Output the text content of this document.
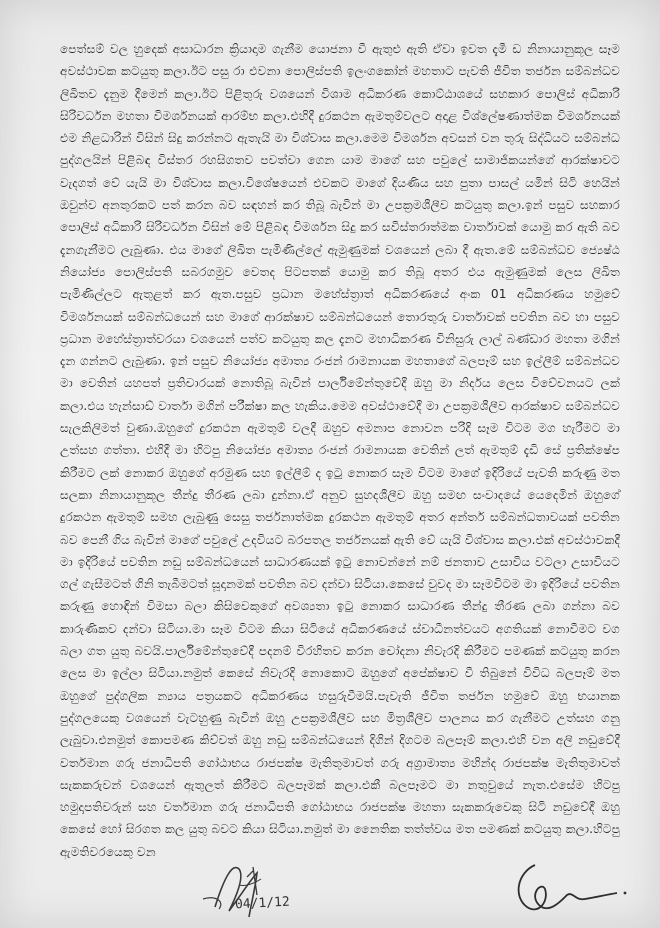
පෙත්සම් වල හුදෙක් අසාධාරන ක්‍රියාදාම ගැනීම යොජනා වී ඇතුළු ඇති ඒවා ඉවත දැමී ඩ නිනායානුකූල සෑම අවස්ථාවක කටයුතු කලා.ඊට පසු රා එවනා පොලිස්පති ඉලංගකෝන් මහතාට පැවති ජීවිත තර්ජන සම්බන්ධව ලිඛිතව දැනුම දීමෙන් කලා.ඊට පිළිතුරු වශයෙන් විශාම අධිකරණ කොට්ඨාශයේ සහකාර පොලිස් අධිකාරි සිරිවර්ධන මහතා විමර්ශනයක් ආරම්භ කලා.එහිදී දුරකථන ඇමතුම්වලට අදාළ විශ්ලේෂණාත්මක විමර්ශනයක් එම නිළධාරින් විසින් සිදු කරන්නට ඇතැයි මා විශ්වාස කලා.මෙම විමර්ශන අවසන් වන තුරු සිද්ධියට සම්බන්ධ පුද්ගලයින් පිළිබඳ විස්තර රහසිගතව පවත්වා ගෙන යාම මාගේ සහ පවුලේ සාමාජිකයන්ගේ ආරක්ෂාවට වැදගත් වේ යැයි මා විශ්වාස කලා.විශේෂයෙන් එවකට මාගේ දියණිය සහ පුතා පාසල් යමින් සිටි හෙයින් ඔවුන්ව අනතුරකට පත් කරන බව සඳහන් කර තිබූ බැවින් මා උපක්‍රමශීලීව කටයුතු කලා.ඉන් පසුව සහකාර පොලිස් අධිකාරි සිරිවර්ධන විසින් මේ පිළිබඳ විමර්ශන සිදු කර සවිස්තරාත්මක වාර්තාවක් යොමු කර ඇති බව දැනගැනීමට ලැබුණා. එය මාගේ ලිඛිත පැමිණිල්ලේ ඇමුණුමක් වශයෙන් ලබා දී ඇත.මේ සම්බන්ධව ජ්‍යෙෂ්ඨ නියෝජ්‍ය පොලිස්පති සබරගමුව වෙතද පිටපතක් යොමු කර තිබූ අතර එය ඇමුණුමක් ලෙස ලිඛිත පැමිණිල්ලට ඇතුළත් කර ඇත.පසුව ප්‍රධාන මහේස්ත්‍රාත් අධිකරණයේ අංක 01 අධිකරණය හමුවේ විමර්ශනයක් සම්බන්ධයෙන් සහ මාගේ ආරක්ෂාව සම්බන්ධයෙන් තොරතුරු වාර්තාවක් පවතින බව හා පසුව ප්‍රධාන මහේස්ත්‍රාත්වරයා වශයෙන් පත්ව කටයුතු කල දැනට මහාධිකරණ විනිසුරු ලාල් බණ්ඩාර මහතා මගින් දැන ගන්නට ලැබුණා. ඉන් පසුව නියෝජ්‍ය අමාත්‍ය රංජන් රාමනායක මහතාගේ බලපෑම් සහ ඉල්ලීම් සම්බන්ධව මා වෙතින් යහපත් ප්‍රතිචාරයක් නොතිබූ බැවින් පාර්ලිමේන්තුවේදී ඔහු මා නිර්දය ලෙස විවේචනයට ලක් කලා.එය හැන්සාඩ් වාර්තා මගින් පරීක්ෂා කල හැකිය.මෙම අවස්ථාවේදී මා උපක්‍රමශීලීව ආරක්ෂාව සම්බන්ධව සැලකිලිමත් වුණා.ඔහුගේ දුරකථන ඇමතුම් වලදී ඔහුව අමනාප නොවන පරිදි සෑම විටම මග හැරීමට මා උත්සහ ගත්තා. එහිදී මා හිටපු නියෝජ්‍ය අමාත්‍ය රංජන් රාමනායක වෙතින් ලත් ඇමතුම් දැඩි සේ ප්‍රතික්ෂේප කිරීමට ලක් නොකර ඔහුගේ අරමුණ සහ ඉල්ලීම් ද ඉටු නොකර සෑම විටම මාගේ ඉදිරියේ පැවති කරුණු මත සලකා නිනායානුකූල තීන්දු තීරණ ලබා දුන්නා.ඒ අනුව සුහදශීලීව ඔහු සමඟ සංවාදයේ යෙදෙමින් ඔහුගේ දුරකථන ඇමතුම් සමහ ලැබුණු සෙසු තර්ජනාත්මක දුරකථන ඇමතුම් අතර අන්තර් සම්බන්ධතාවයක් පවතින බව පෙනී ගිය බැවින් මාගේ පවුලේ උදවියට බරපතල තර්ජනයක් ඇති වේ යැයි විශ්වාස කලා.එක් අවස්ථාවකදී මා ඉදිරියේ පවතින නඩු සම්බන්ධයෙන් සාධාරණයක් ඉටු නොවන්නේ නම් ජනතාව උසාවිය වටලා උසාවියට ගල් ගැසීමටත් ගිනි තැබීමටත් සූදානමක් පවතින බව දන්වා සිටියා.කෙසේ වුවද මා සෑමවිටම මා ඉදිරියේ පවතින කරුණු හොඳින් විමසා බලා කිසිවෙකුගේ අවශ්‍යතා ඉටු නොකර සාධාරණ තීන්දු තීරණ ලබා ගන්නා බව කාරුණිකව දන්වා සිටියා.මා සෑම විටම කියා සිටියේ අධිකරණයේ ස්වාධීනත්වයට අගතියක් නොවීමට වග බලා ගත යුතු බවයි.පාර්ලිමේන්තුවේදී පදනම් විරහිතව කරන චෝදනා නිවැරදි කිරීමට පමණක් කටයුතු කරන ලෙස මා ඉල්ලා සිටියා.නමුත් කෙසේ නිවැරදි නොකොට ඔහුගේ අපේක්ෂාව වී තිබුනේ විවිධ බලපෑම් මත ඔහුගේ පුද්ගලික න්‍යාය පත්‍රයකට අධිකරණය හසුරුවීමයි.පැවැති ජීවිත තර්ජන හමුවේ ඔහු භයානක පුද්ගලයෙකු වශයෙන් වැටහුණු බැවින් ඔහු උපක්‍රමශීලීව සහ මිත්‍රශීලීව පාලනය කර ගැනීමට උත්සහ ගනු ලැබුවා.එනමුත් කොපමණ කිව්වත් ඔහු නඩු සම්බන්ධයෙන් දිගින් දිගටම බලපෑම් කලා.එහි වන අලි නඩුවේදී වර්තමාන ගරු ජනාධිපති ගෝඨාභය රාජපක්ෂ මැතිතුමාවත් ගරු අග්‍රාමාත්‍ය මහින්ද රාජපක්ෂ මැතිතුමාවත් සැකකරුවන් වශයෙන් ඇතුලත් කිරීමට බලපෑමක් කලා.එකී බලපෑමට මා නතුවුයේ නැත.එසේම හිටපු හමුදාපතිවරුන් සහ වර්තමාන ගරු ජනාධිපති ගෝඨාභය රාජපක්ෂ මහතා සැකකරුවෙකු සිටි නඩුවේදී ඔහු කෙසේ හෝ සිරගත කල යුතු බවට කියා සිටියා.නමුත් මා නෛතික තත්ත්වය මත පමණක් කටයුතු කලා.හිටපු ඇමතිවරයෙකු වන

04/1/12
